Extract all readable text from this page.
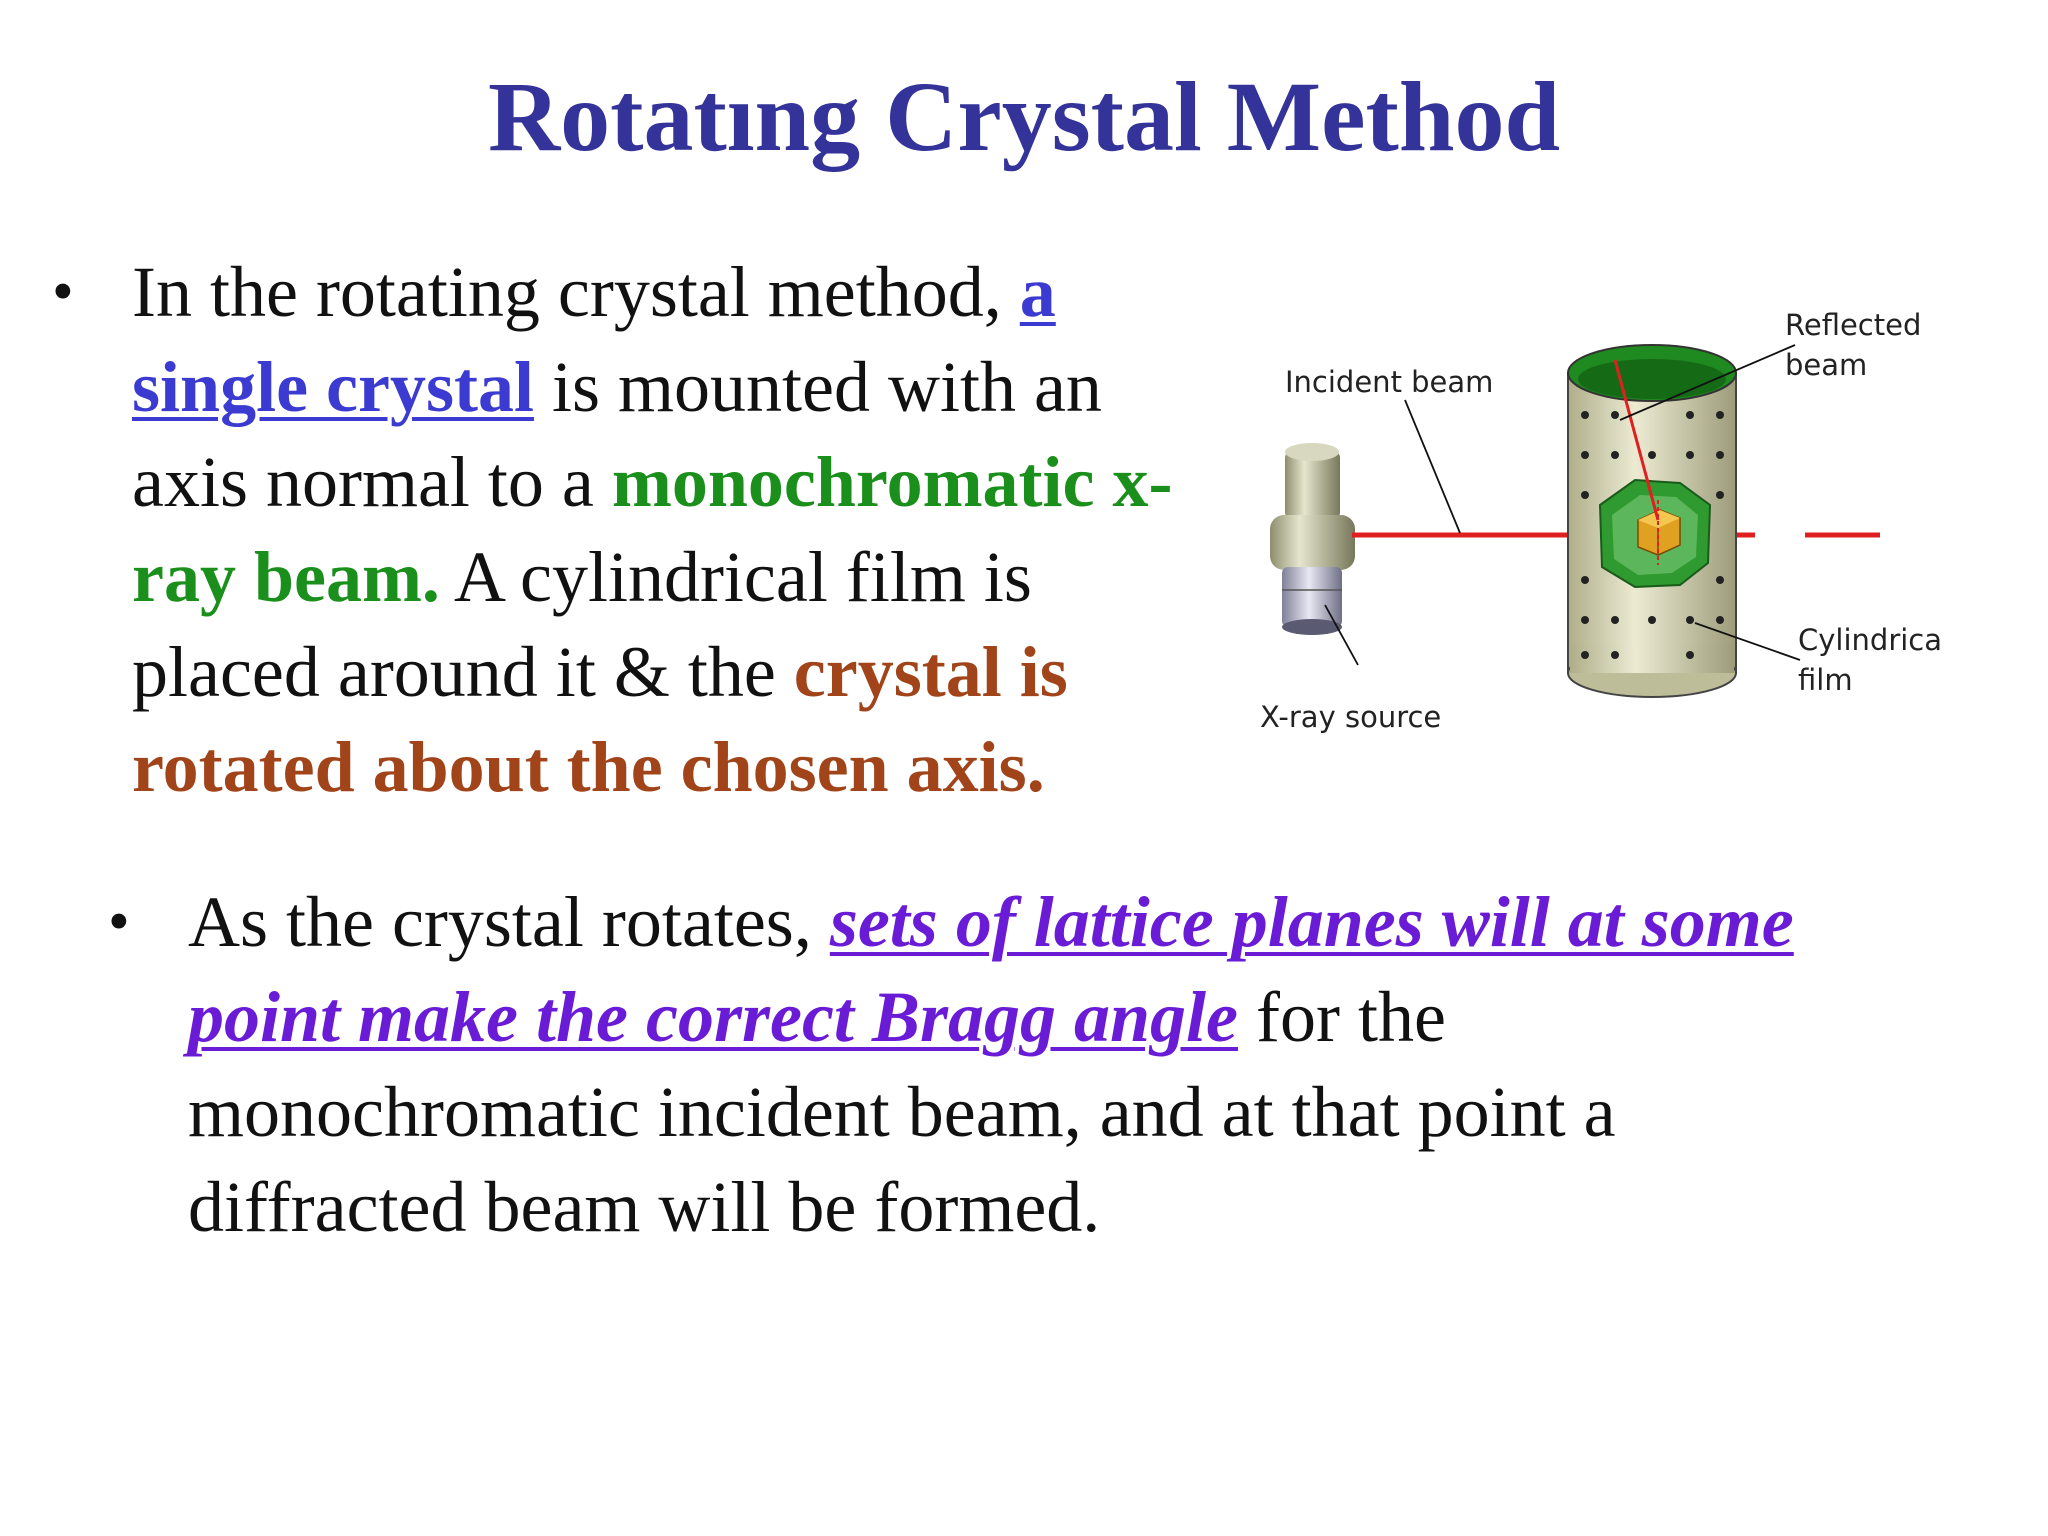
Rotatıng Crystal Method
• In the rotating crystal method, a single crystal is mounted with an axis normal to a monochromatic x-ray beam. A cylindrical film is placed around it & the crystal is rotated about the chosen axis.
Incident beam
Reflected
beam
Cylindrical
film
X-ray source
• As the crystal rotates, sets of lattice planes will at some point make the correct Bragg angle for the monochromatic incident beam, and at that point a diffracted beam will be formed.
